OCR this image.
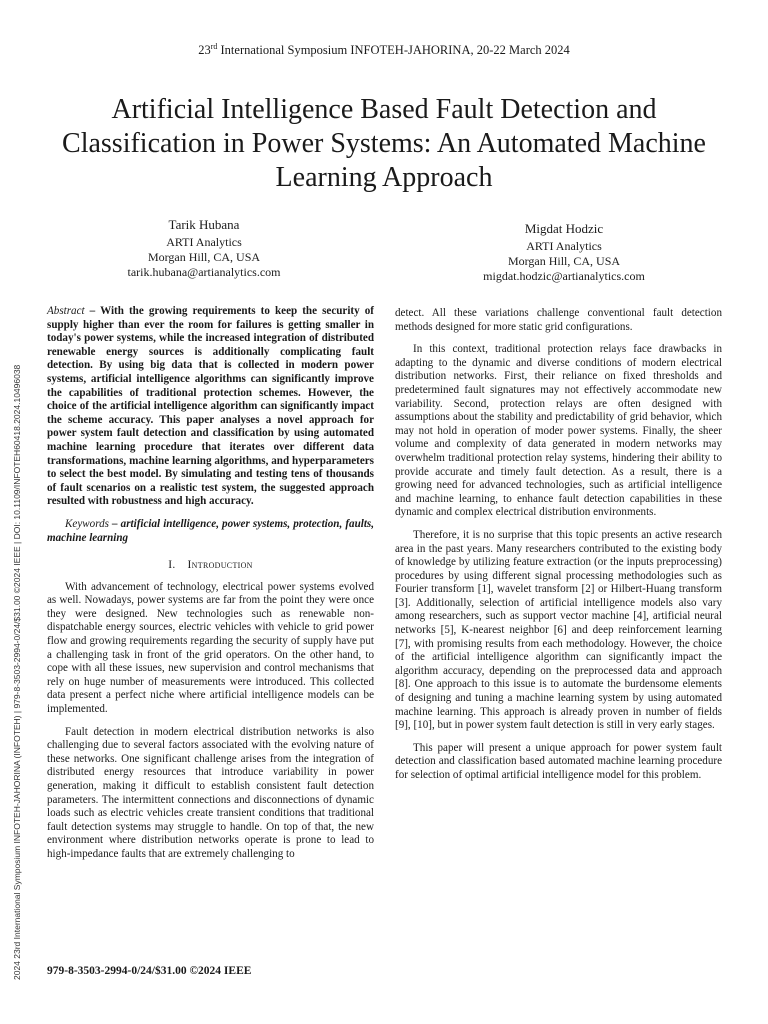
23rd International Symposium INFOTEH-JAHORINA, 20-22 March 2024
Artificial Intelligence Based Fault Detection and Classification in Power Systems: An Automated Machine Learning Approach
Tarik Hubana
ARTI Analytics
Morgan Hill, CA, USA
tarik.hubana@artianalytics.com
Migdat Hodzic
ARTI Analytics
Morgan Hill, CA, USA
migdat.hodzic@artianalytics.com
2024 23rd International Symposium INFOTEH-JAHORINA (INFOTEH) | 979-8-3503-2994-0/24/$31.00 ©2024 IEEE | DOI: 10.1109/INFOTEH60418.2024.10496038

Abstract – With the growing requirements to keep the security of supply higher than ever the room for failures is getting smaller in today's power systems, while the increased integration of distributed renewable energy sources is additionally complicating fault detection. By using big data that is collected in modern power systems, artificial intelligence algorithms can significantly improve the capabilities of traditional protection schemes. However, the choice of the artificial intelligence algorithm can significantly impact the scheme accuracy. This paper analyses a novel approach for power system fault detection and classification by using automated machine learning procedure that iterates over different data transformations, machine learning algorithms, and hyperparameters to select the best model. By simulating and testing tens of thousands of fault scenarios on a realistic test system, the suggested approach resulted with robustness and high accuracy.

Keywords – artificial intelligence, power systems, protection, faults, machine learning

I. Introduction

With advancement of technology, electrical power systems evolved as well. Nowadays, power systems are far from the point they were once they were designed. New technologies such as renewable non-dispatchable energy sources, electric vehicles with vehicle to grid power flow and growing requirements regarding the security of supply have put a challenging task in front of the grid operators. On the other hand, to cope with all these issues, new supervision and control mechanisms that rely on huge number of measurements were introduced. This collected data present a perfect niche where artificial intelligence models can be implemented.

Fault detection in modern electrical distribution networks is also challenging due to several factors associated with the evolving nature of these networks. One significant challenge arises from the integration of distributed energy resources that introduce variability in power generation, making it difficult to establish consistent fault detection parameters. The intermittent connections and disconnections of dynamic loads such as electric vehicles create transient conditions that traditional fault detection systems may struggle to handle. On top of that, the new environment where distribution networks operate is prone to lead to high-impedance faults that are extremely challenging to

detect. All these variations challenge conventional fault detection methods designed for more static grid configurations.

In this context, traditional protection relays face drawbacks in adapting to the dynamic and diverse conditions of modern electrical distribution networks. First, their reliance on fixed thresholds and predetermined fault signatures may not effectively accommodate new variability. Second, protection relays are often designed with assumptions about the stability and predictability of grid behavior, which may not hold in operation of moder power systems. Finally, the sheer volume and complexity of data generated in modern networks may overwhelm traditional protection relay systems, hindering their ability to provide accurate and timely fault detection. As a result, there is a growing need for advanced technologies, such as artificial intelligence and machine learning, to enhance fault detection capabilities in these dynamic and complex electrical distribution environments.

Therefore, it is no surprise that this topic presents an active research area in the past years. Many researchers contributed to the existing body of knowledge by utilizing feature extraction (or the inputs preprocessing) procedures by using different signal processing methodologies such as Fourier transform [1], wavelet transform [2] or Hilbert-Huang transform [3]. Additionally, selection of artificial intelligence models also vary among researchers, such as support vector machine [4], artificial neural networks [5], K-nearest neighbor [6] and deep reinforcement learning [7], with promising results from each methodology. However, the choice of the artificial intelligence algorithm can significantly impact the algorithm accuracy, depending on the preprocessed data and approach [8]. One approach to this issue is to automate the burdensome elements of designing and tuning a machine learning system by using automated machine learning. This approach is already proven in number of fields [9], [10], but in power system fault detection is still in very early stages.

This paper will present a unique approach for power system fault detection and classification based automated machine learning procedure for selection of optimal artificial intelligence model for this problem.

979-8-3503-2994-0/24/$31.00 ©2024 IEEE
